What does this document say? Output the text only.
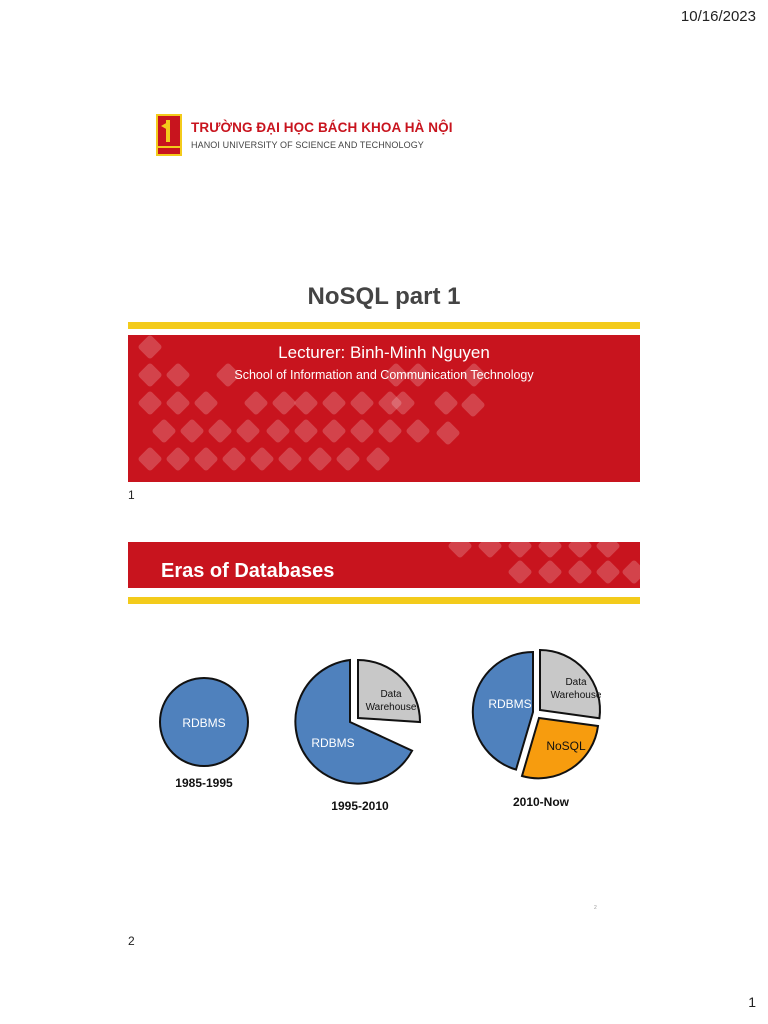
10/16/2023
TRƯỜNG ĐẠI HỌC BÁCH KHOA HÀ NỘI
HANOI UNIVERSITY OF SCIENCE AND TECHNOLOGY
NoSQL part 1
Lecturer: Binh-Minh Nguyen
School of Information and Communication Technology
1
Eras of Databases
RDBMS
1985-1995
RDBMS
Data
Warehouse
1995-2010
RDBMS
Data
Warehouse
NoSQL
2010-Now
2
2
1
